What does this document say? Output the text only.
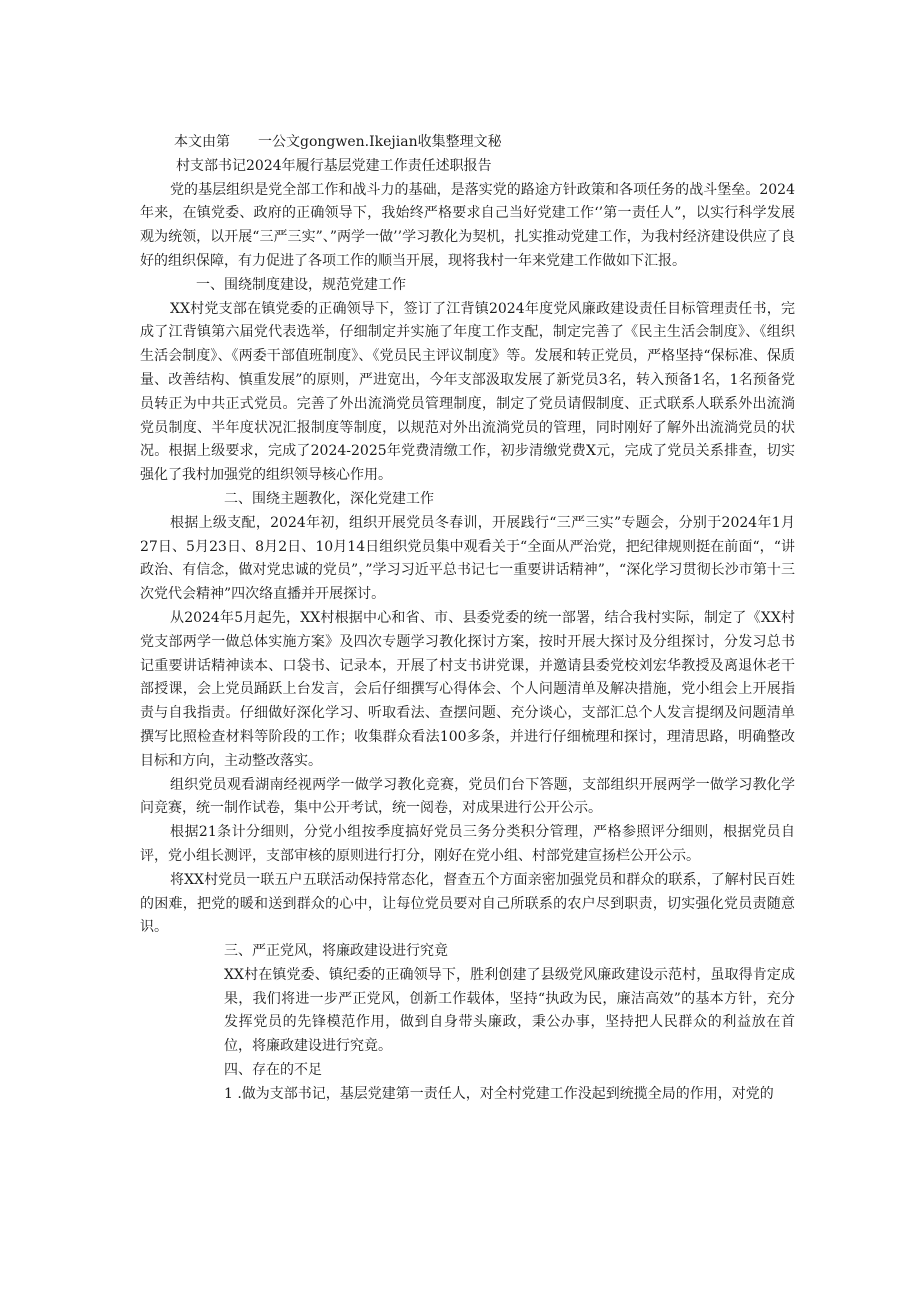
本文由第　　一公文gongwen.Ikejian收集整理文秘
村支部书记2024年履行基层党建工作责任述职报告

党的基层组织是党全部工作和战斗力的基础，是落实党的路途方针政策和各项任务的战斗堡垒。2024年来，在镇党委、政府的正确领导下，我始终严格要求自己当好党建工作‘’第一责任人”，以实行科学发展观为统领，以开展“三严三实”、”两学一做’’学习教化为契机，扎实推动党建工作，为我村经济建设供应了良好的组织保障，有力促进了各项工作的顺当开展，现将我村一年来党建工作做如下汇报。

一、围绕制度建设，规范党建工作

XX村党支部在镇党委的正确领导下，签订了江背镇2024年度党风廉政建设责任目标管理责任书，完成了江背镇第六届党代表选举，仔细制定并实施了年度工作支配，制定完善了《民主生活会制度》、《组织生活会制度》、《两委干部值班制度》、《党员民主评议制度》等。发展和转正党员，严格坚持“保标准、保质量、改善结构、慎重发展”的原则，严进宽出，今年支部汲取发展了新党员3名，转入预备1名，1名预备党员转正为中共正式党员。完善了外出流淌党员管理制度，制定了党员请假制度、正式联系人联系外出流淌党员制度、半年度状况汇报制度等制度，以规范对外出流淌党员的管理，同时刚好了解外出流淌党员的状况。根据上级要求，完成了2024-2025年党费清缴工作，初步清缴党费X元，完成了党员关系排查，切实强化了我村加强党的组织领导核心作用。

二、围绕主题教化，深化党建工作

根据上级支配，2024年初，组织开展党员冬春训，开展践行“三严三实”专题会，分别于2024年1月27日、5月23日、8月2日、10月14日组织党员集中观看关于“全面从严治党，把纪律规则挺在前面“，“讲政治、有信念，做对党忠诚的党员”，”学习习近平总书记七一重要讲话精神”，“深化学习贯彻长沙市第十三次党代会精神”四次络直播并开展探讨。

从2024年5月起先，XX村根据中心和省、市、县委党委的统一部署，结合我村实际，制定了《XX村党支部两学一做总体实施方案》及四次专题学习教化探讨方案，按时开展大探讨及分组探讨，分发习总书记重要讲话精神读本、口袋书、记录本，开展了村支书讲党课，并邀请县委党校刘宏华教授及离退休老干部授课，会上党员踊跃上台发言，会后仔细撰写心得体会、个人问题清单及解决措施，党小组会上开展指责与自我指责。仔细做好深化学习、听取看法、查摆问题、充分谈心，支部汇总个人发言提纲及问题清单撰写比照检查材料等阶段的工作；收集群众看法100多条，并进行仔细梳理和探讨，理清思路，明确整改目标和方向，主动整改落实。

组织党员观看湖南经视两学一做学习教化竞赛，党员们台下答题，支部组织开展两学一做学习教化学问竞赛，统一制作试卷，集中公开考试，统一阅卷，对成果进行公开公示。

根据21条计分细则，分党小组按季度搞好党员三务分类积分管理，严格参照评分细则，根据党员自评，党小组长测评，支部审核的原则进行打分，刚好在党小组、村部党建宣扬栏公开公示。

将XX村党员一联五户五联活动保持常态化，督查五个方面亲密加强党员和群众的联系，了解村民百姓的困难，把党的暖和送到群众的心中，让每位党员要对自己所联系的农户尽到职责，切实强化党员责随意识。

三、严正党风，将廉政建设进行究竟

XX村在镇党委、镇纪委的正确领导下，胜利创建了县级党风廉政建设示范村，虽取得肯定成果，我们将进一步严正党风，创新工作载体，坚持“执政为民，廉洁高效”的基本方针，充分发挥党员的先锋模范作用，做到自身带头廉政，秉公办事，坚持把人民群众的利益放在首位，将廉政建设进行究竟。

四、存在的不足

1 .做为支部书记，基层党建第一责任人，对全村党建工作没起到统揽全局的作用，对党的
